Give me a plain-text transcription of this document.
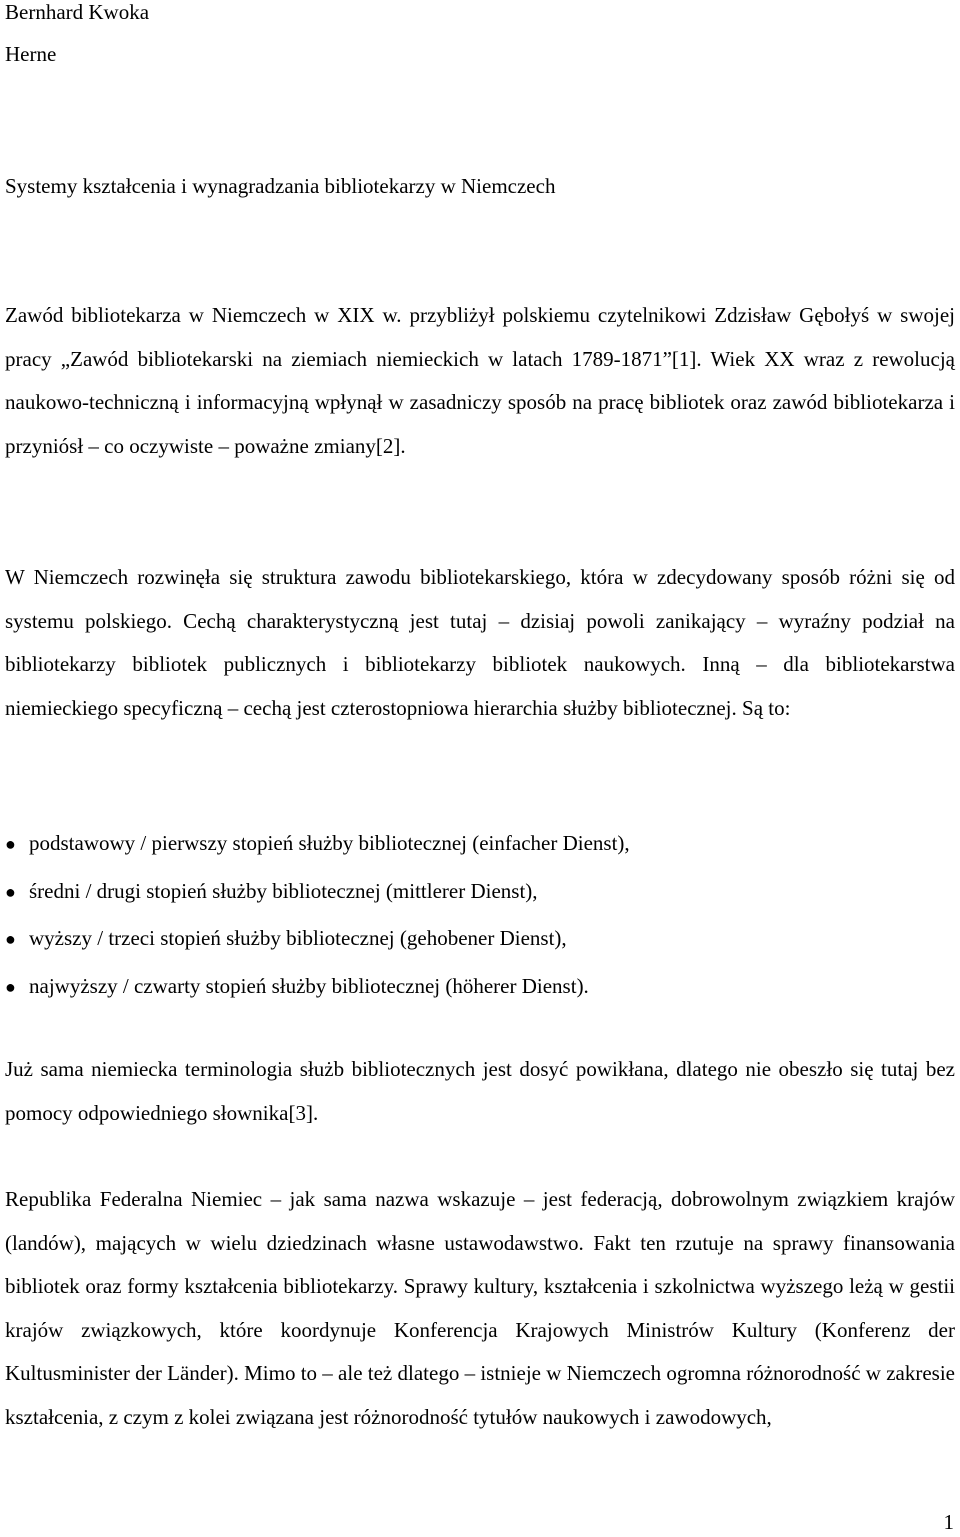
Bernhard Kwoka
Herne
Systemy kształcenia i wynagradzania bibliotekarzy w Niemczech

Zawód bibliotekarza w Niemczech w XIX w. przybliżył polskiemu czytelnikowi Zdzisław Gębołyś w swojej pracy „Zawód bibliotekarski na ziemiach niemieckich w latach 1789-1871”[1]. Wiek XX wraz z rewolucją naukowo-techniczną i informacyjną wpłynął w zasadniczy sposób na pracę bibliotek oraz zawód bibliotekarza i przyniósł – co oczywiste – poważne zmiany[2].

W Niemczech rozwinęła się struktura zawodu bibliotekarskiego, która w zdecydowany sposób różni się od systemu polskiego. Cechą charakterystyczną jest tutaj – dzisiaj powoli zanikający – wyraźny podział na bibliotekarzy bibliotek publicznych i bibliotekarzy bibliotek naukowych. Inną – dla bibliotekarstwa niemieckiego specyficzną – cechą jest czterostopniowa hierarchia służby bibliotecznej. Są to:

● podstawowy / pierwszy stopień służby bibliotecznej (einfacher Dienst),
● średni / drugi stopień służby bibliotecznej (mittlerer Dienst),
● wyższy / trzeci stopień służby bibliotecznej (gehobener Dienst),
● najwyższy / czwarty stopień służby bibliotecznej (höherer Dienst).

Już sama niemiecka terminologia służb bibliotecznych jest dosyć powikłana, dlatego nie obeszło się tutaj bez pomocy odpowiedniego słownika[3].

Republika Federalna Niemiec – jak sama nazwa wskazuje – jest federacją, dobrowolnym związkiem krajów (landów), mających w wielu dziedzinach własne ustawodawstwo. Fakt ten rzutuje na sprawy finansowania bibliotek oraz formy kształcenia bibliotekarzy. Sprawy kultury, kształcenia i szkolnictwa wyższego leżą w gestii krajów związkowych, które koordynuje Konferencja Krajowych Ministrów Kultury (Konferenz der Kultusminister der Länder). Mimo to – ale też dlatego – istnieje w Niemczech ogromna różnorodność w zakresie kształcenia, z czym z kolei związana jest różnorodność tytułów naukowych i zawodowych,

1
